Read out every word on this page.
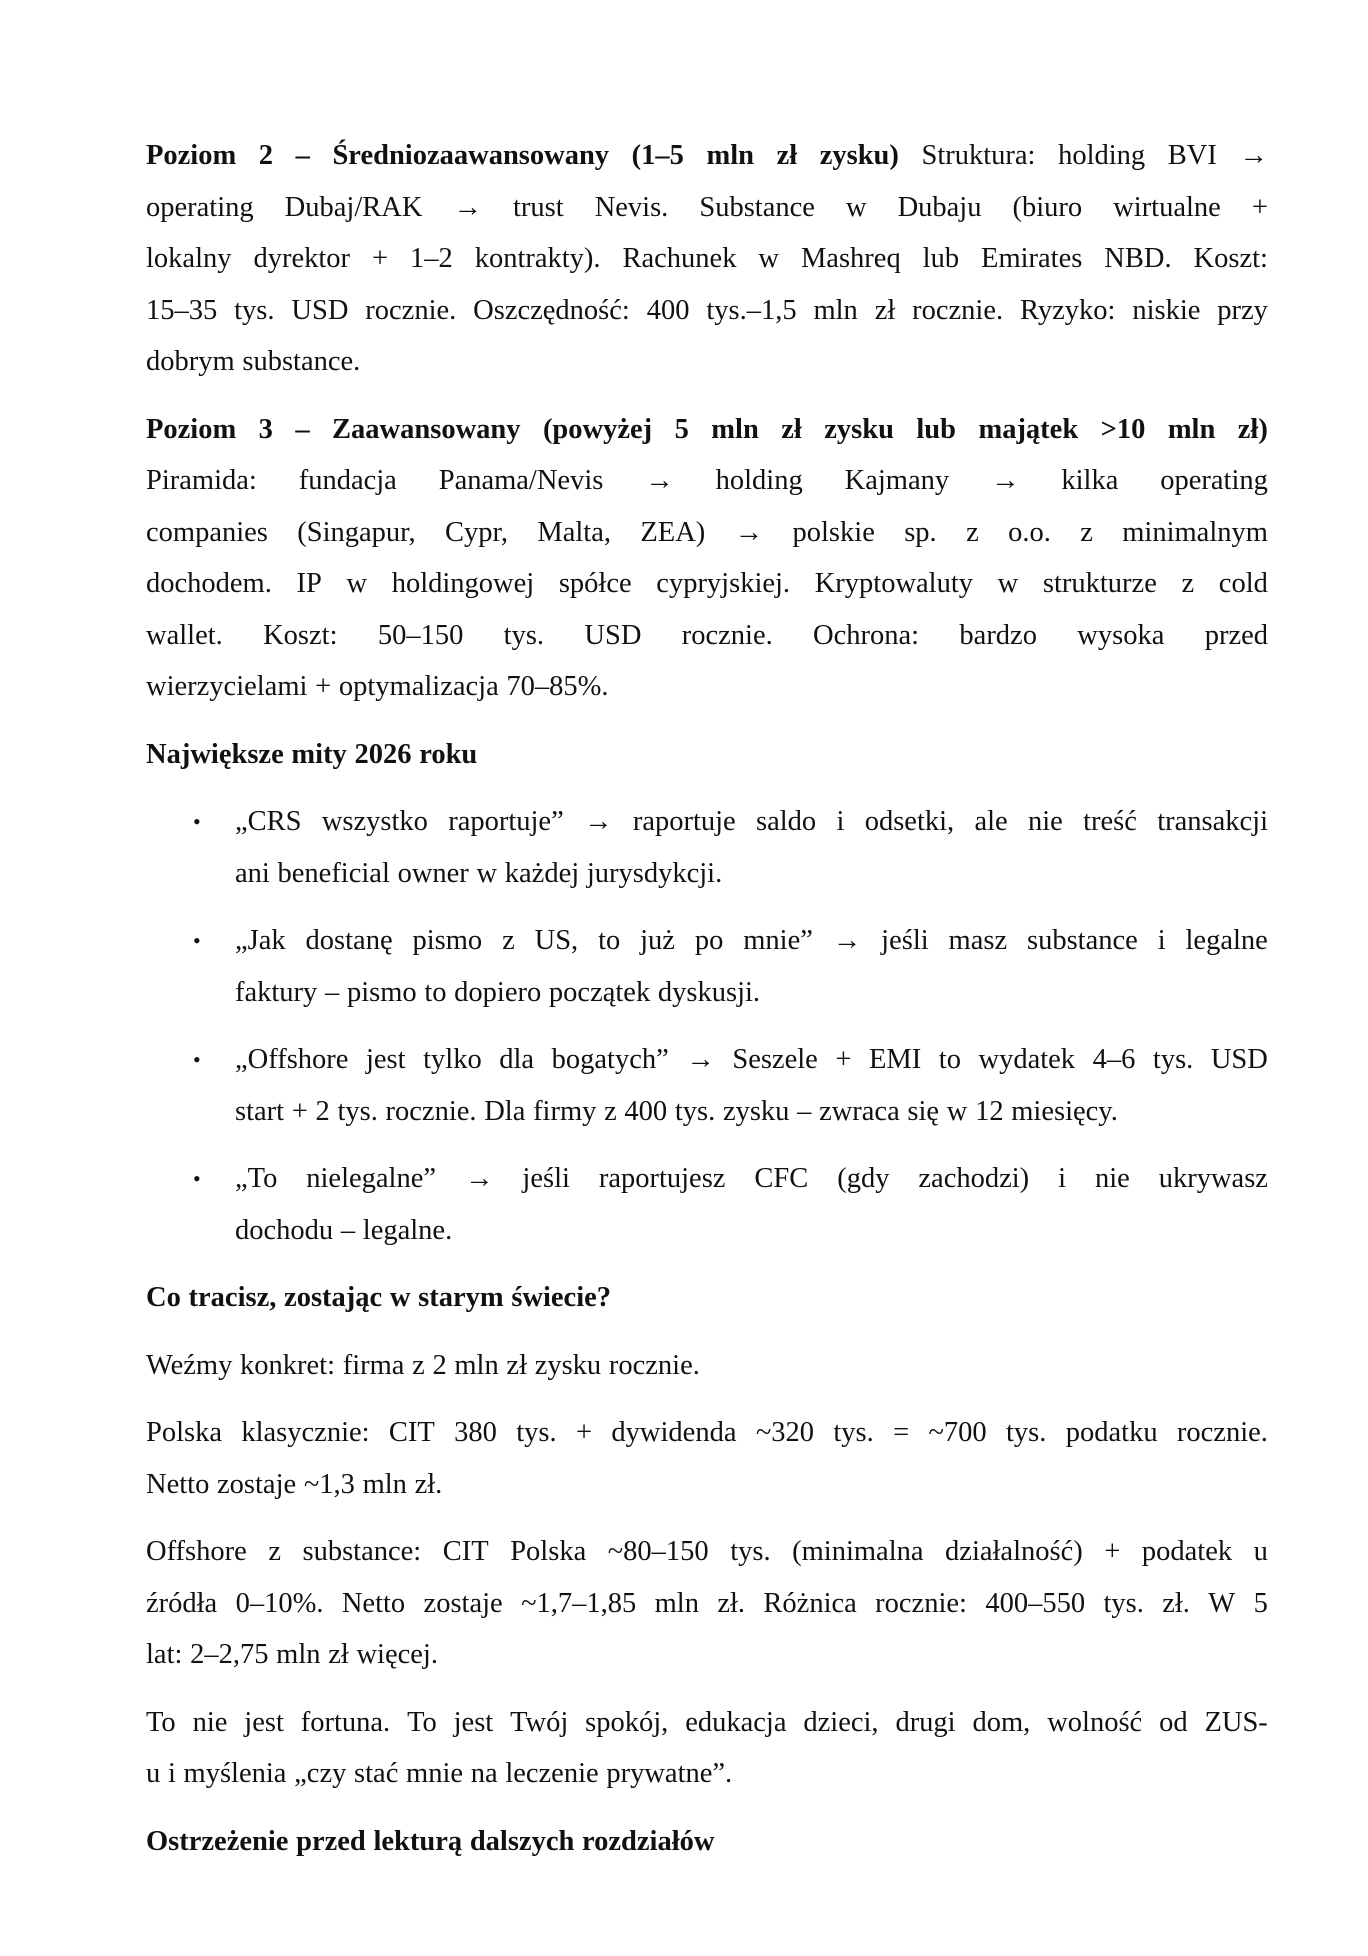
Poziom 2 – Średniozaawansowany (1–5 mln zł zysku) Struktura: holding BVI →
operating Dubaj/RAK → trust Nevis. Substance w Dubaju (biuro wirtualne +
lokalny dyrektor + 1–2 kontrakty). Rachunek w Mashreq lub Emirates NBD. Koszt:
15–35 tys. USD rocznie. Oszczędność: 400 tys.–1,5 mln zł rocznie. Ryzyko: niskie przy
dobrym substance.
Poziom 3 – Zaawansowany (powyżej 5 mln zł zysku lub majątek >10 mln zł)
Piramida: fundacja Panama/Nevis → holding Kajmany → kilka operating
companies (Singapur, Cypr, Malta, ZEA) → polskie sp. z o.o. z minimalnym
dochodem. IP w holdingowej spółce cypryjskiej. Kryptowaluty w strukturze z cold
wallet. Koszt: 50–150 tys. USD rocznie. Ochrona: bardzo wysoka przed
wierzycielami + optymalizacja 70–85%.
Największe mity 2026 roku
• „CRS wszystko raportuje” → raportuje saldo i odsetki, ale nie treść transakcji
ani beneficial owner w każdej jurysdykcji.
• „Jak dostanę pismo z US, to już po mnie” → jeśli masz substance i legalne
faktury – pismo to dopiero początek dyskusji.
• „Offshore jest tylko dla bogatych” → Seszele + EMI to wydatek 4–6 tys. USD
start + 2 tys. rocznie. Dla firmy z 400 tys. zysku – zwraca się w 12 miesięcy.
• „To nielegalne” → jeśli raportujesz CFC (gdy zachodzi) i nie ukrywasz
dochodu – legalne.
Co tracisz, zostając w starym świecie?
Weźmy konkret: firma z 2 mln zł zysku rocznie.
Polska klasycznie: CIT 380 tys. + dywidenda ~320 tys. = ~700 tys. podatku rocznie.
Netto zostaje ~1,3 mln zł.
Offshore z substance: CIT Polska ~80–150 tys. (minimalna działalność) + podatek u
źródła 0–10%. Netto zostaje ~1,7–1,85 mln zł. Różnica rocznie: 400–550 tys. zł. W 5
lat: 2–2,75 mln zł więcej.
To nie jest fortuna. To jest Twój spokój, edukacja dzieci, drugi dom, wolność od ZUS-
u i myślenia „czy stać mnie na leczenie prywatne”.
Ostrzeżenie przed lekturą dalszych rozdziałów
